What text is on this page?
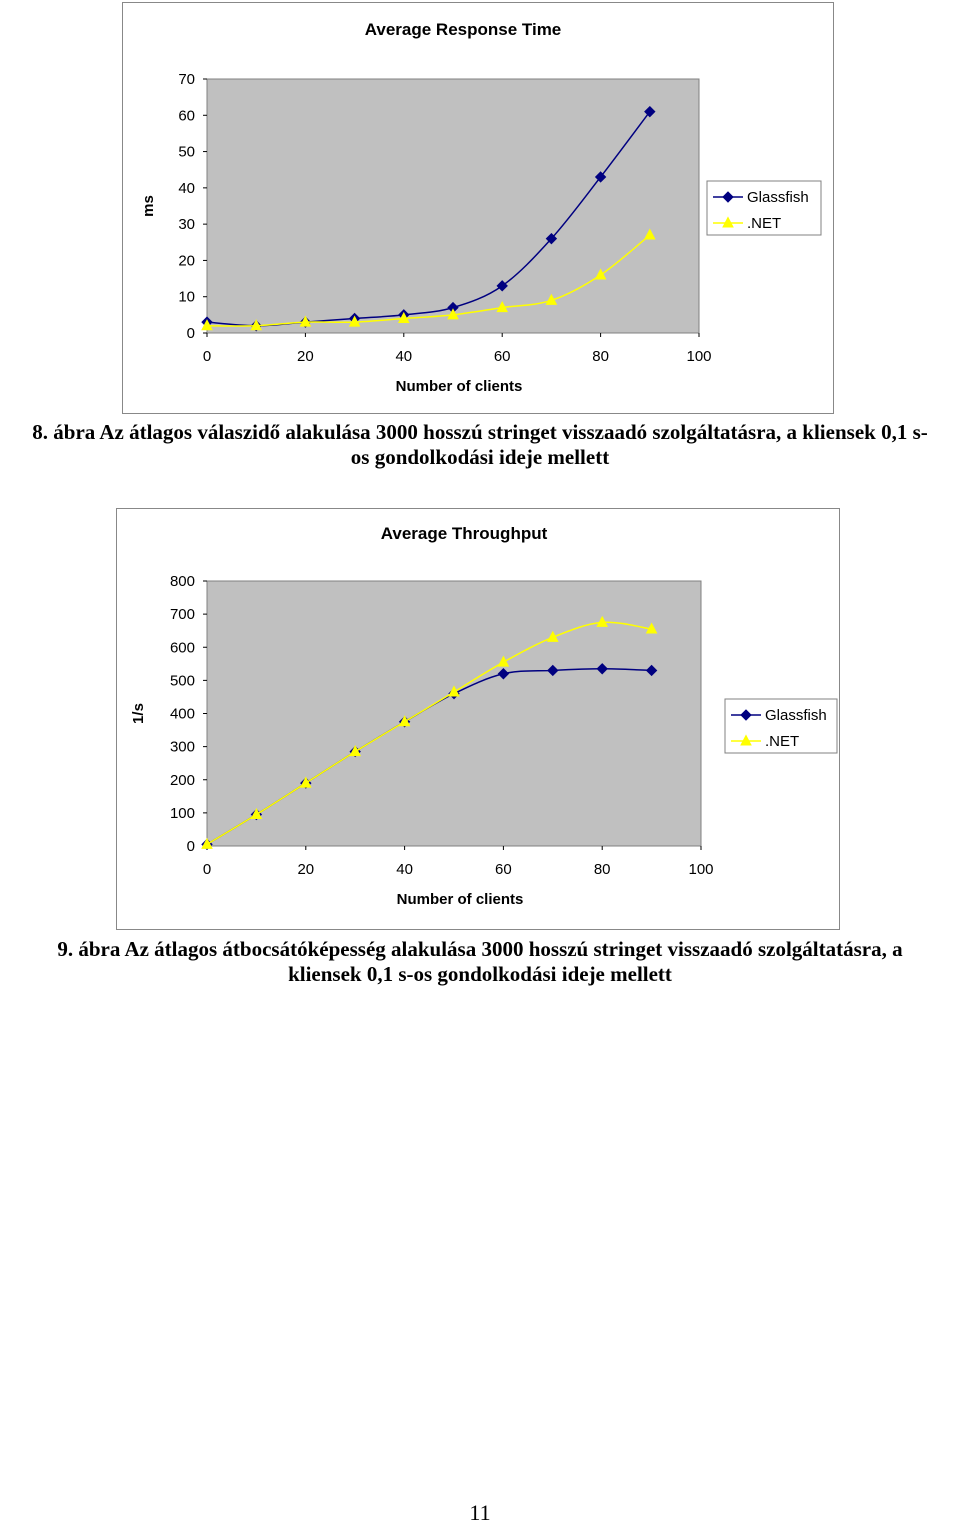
Average Response Time
0
10
20
30
40
50
60
70
0	20	40	60	80	100
Number of clients
ms	Glassfish
.NET
8. ábra Az átlagos válaszidő alakulása 3000 hosszú stringet visszaadó szolgáltatásra, a kliensek 0,1 s-
os gondolkodási ideje mellett
Average Throughput
0
100
200
300
400
500
600
700
800
0	20	40	60	80	100
Number of clients
1/s	Glassfish
.NET
9. ábra Az átlagos átbocsátóképesség alakulása 3000 hosszú stringet visszaadó szolgáltatásra, a
kliensek 0,1 s-os gondolkodási ideje mellett
11
